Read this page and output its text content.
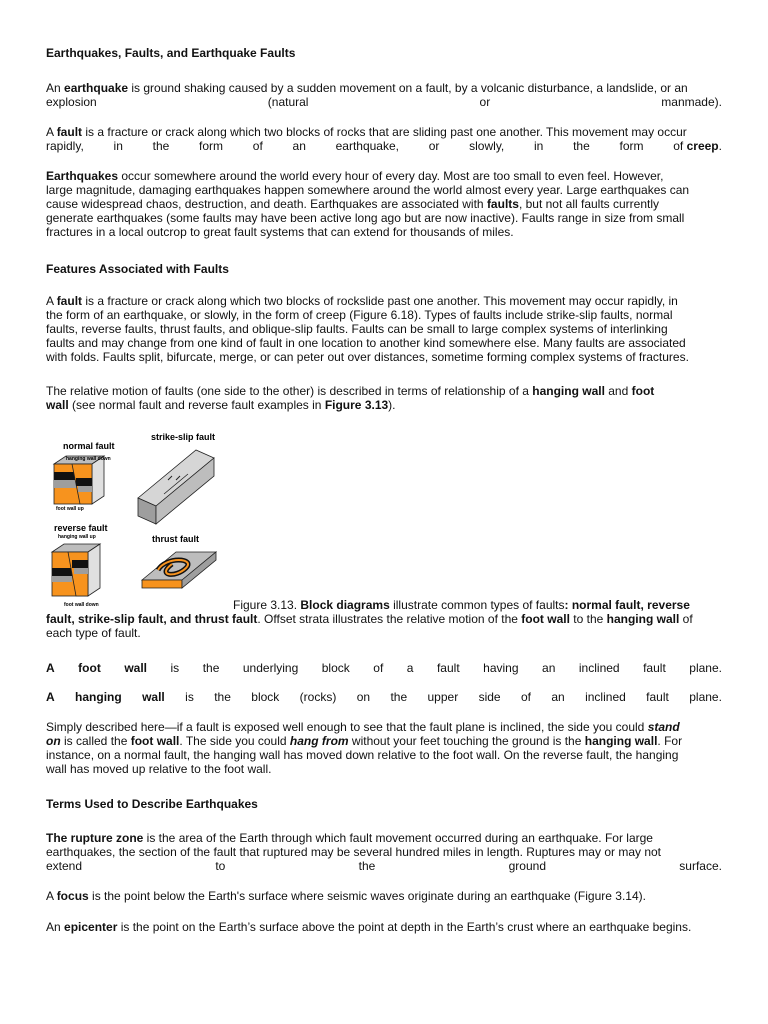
Earthquakes, Faults, and Earthquake Faults
An earthquake is ground shaking caused by a sudden movement on a fault, by a volcanic disturbance, a landslide, or an
explosion	(natural	or	manmade).
A fault is a fracture or crack along which two blocks of rocks that are sliding past one another. This movement may occur
rapidly, in the form of an earthquake, or slowly, in the form of creep.
Earthquakes occur somewhere around the world every hour of every day. Most are too small to even feel. However,
large magnitude, damaging earthquakes happen somewhere around the world almost every year. Large earthquakes can
cause widespread chaos, destruction, and death. Earthquakes are associated with faults, but not all faults currently
generate earthquakes (some faults may have been active long ago but are now inactive). Faults range in size from small
fractures in a local outcrop to great fault systems that can extend for thousands of miles.
Features Associated with Faults
A fault is a fracture or crack along which two blocks of rockslide past one another. This movement may occur rapidly, in
the form of an earthquake, or slowly, in the form of creep (Figure 6.18). Types of faults include strike-slip faults, normal
faults, reverse faults, thrust faults, and oblique-slip faults. Faults can be small to large complex systems of interlinking
faults and may change from one kind of fault in one location to another kind somewhere else. Many faults are associated
with folds. Faults split, bifurcate, merge, or can peter out over distances, sometime forming complex systems of fractures.
The relative motion of faults (one side to the other) is described in terms of relationship of a hanging wall and foot
wall (see normal fault and reverse fault examples in Figure 3.13).
normal fault
hanging wall down
foot wall up
strike-slip fault
reverse fault
hanging wall up
foot wall down
thrust fault
Figure 3.13. Block diagrams illustrate common types of faults: normal fault, reverse
fault, strike-slip fault, and thrust fault. Offset strata illustrates the relative motion of the foot wall to the hanging wall of
each type of fault.
A foot wall is the underlying block of a fault having an inclined fault plane.
A hanging wall is the block (rocks) on the upper side of an inclined fault plane.
Simply described here—if a fault is exposed well enough to see that the fault plane is inclined, the side you could stand
on is called the foot wall. The side you could hang from without your feet touching the ground is the hanging wall. For
instance, on a normal fault, the hanging wall has moved down relative to the foot wall. On the reverse fault, the hanging
wall has moved up relative to the foot wall.
Terms Used to Describe Earthquakes
The rupture zone is the area of the Earth through which fault movement occurred during an earthquake. For large
earthquakes, the section of the fault that ruptured may be several hundred miles in length. Ruptures may or may not
extend	to	the	ground	surface.
A focus is the point below the Earth's surface where seismic waves originate during an earthquake (Figure 3.14).
An epicenter is the point on the Earth’s surface above the point at depth in the Earth’s crust where an earthquake begins.
